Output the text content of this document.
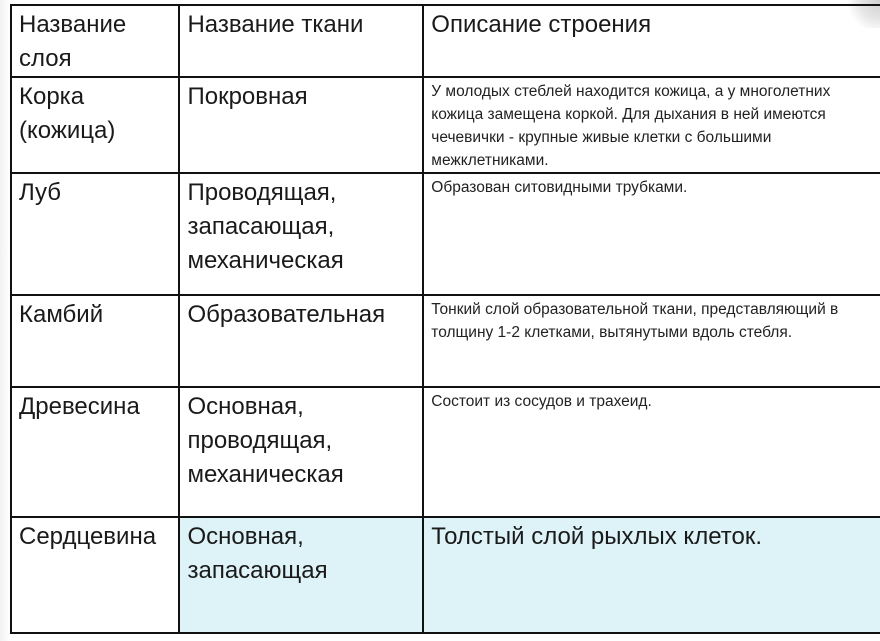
Название слоя	Название ткани	Описание строения
Корка (кожица)	Покровная	У молодых стеблей находится кожица, а у многолетних кожица замещена коркой. Для дыхания в ней имеются чечевички - крупные живые клетки с большими межклетниками.
Луб	Проводящая, запасающая, механическая	Образован ситовидными трубками.
Камбий	Образовательная	Тонкий слой образовательной ткани, представляющий в толщину 1-2 клетками, вытянутыми вдоль стебля.
Древесина	Основная, проводящая, механическая	Состоит из сосудов и трахеид.
Сердцевина	Основная, запасающая	Толстый слой рыхлых клеток.
